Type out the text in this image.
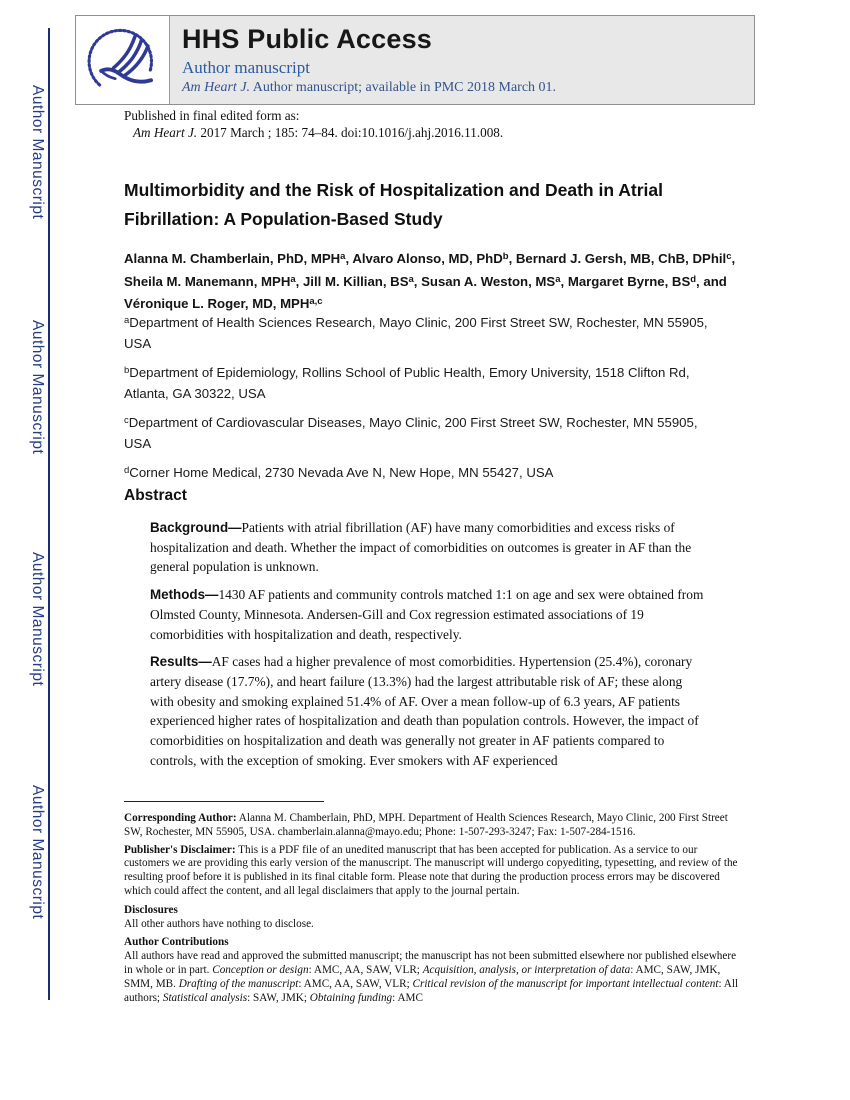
Author Manuscript
Author Manuscript
Author Manuscript
Author Manuscript
HHS Public Access
Author manuscript
Am Heart J. Author manuscript; available in PMC 2018 March 01.
Published in final edited form as:
Am Heart J. 2017 March ; 185: 74–84. doi:10.1016/j.ahj.2016.11.008.
Multimorbidity and the Risk of Hospitalization and Death in Atrial Fibrillation: A Population-Based Study
Alanna M. Chamberlain, PhD, MPH$^a$, Alvaro Alonso, MD, PhD$^b$, Bernard J. Gersh, MB, ChB, DPhil$^c$, Sheila M. Manemann, MPH$^a$, Jill M. Killian, $BS^a$, Susan A. Weston, $MS^a$, Margaret Byrne, $BS^d$, and Véronique L. Roger, MD, MPH$^{a,c}$

$^a$Department of Health Sciences Research, Mayo Clinic, 200 First Street SW, Rochester, MN 55905, USA

$^b$Department of Epidemiology, Rollins School of Public Health, Emory University, 1518 Clifton Rd, Atlanta, GA 30322, USA

$^c$Department of Cardiovascular Diseases, Mayo Clinic, 200 First Street SW, Rochester, MN 55905, USA

$^d$Corner Home Medical, 2730 Nevada Ave N, New Hope, MN 55427, USA

Abstract

Background—Patients with atrial fibrillation (AF) have many comorbidities and excess risks of hospitalization and death. Whether the impact of comorbidities on outcomes is greater in AF than the general population is unknown.

Methods—1430 AF patients and community controls matched 1:1 on age and sex were obtained from Olmsted County, Minnesota. Andersen-Gill and Cox regression estimated associations of 19 comorbidities with hospitalization and death, respectively.

Results—AF cases had a higher prevalence of most comorbidities. Hypertension (25.4%), coronary artery disease (17.7%), and heart failure (13.3%) had the largest attributable risk of AF; these along with obesity and smoking explained 51.4% of AF. Over a mean follow-up of 6.3 years, AF patients experienced higher rates of hospitalization and death than population controls. However, the impact of comorbidities on hospitalization and death was generally not greater in AF patients compared to controls, with the exception of smoking. Ever smokers with AF experienced

Corresponding Author: Alanna M. Chamberlain, PhD, MPH. Department of Health Sciences Research, Mayo Clinic, 200 First Street SW, Rochester, MN 55905, USA. chamberlain.alanna@mayo.edu; Phone: 1-507-293-3247; Fax: 1-507-284-1516.

Publisher's Disclaimer: This is a PDF file of an unedited manuscript that has been accepted for publication. As a service to our customers we are providing this early version of the manuscript. The manuscript will undergo copyediting, typesetting, and review of the resulting proof before it is published in its final citable form. Please note that during the production process errors may be discovered which could affect the content, and all legal disclaimers that apply to the journal pertain.

Disclosures

All other authors have nothing to disclose.

Author Contributions

All authors have read and approved the submitted manuscript; the manuscript has not been submitted elsewhere nor published elsewhere in whole or in part. Conception or design: AMC, AA, SAW, VLR; Acquisition, analysis, or interpretation of data: AMC, SAW, JMK, SMM, MB. Drafting of the manuscript: AMC, AA, SAW, VLR; Critical revision of the manuscript for important intellectual content: All authors; Statistical analysis: SAW, JMK; Obtaining funding: AMC
